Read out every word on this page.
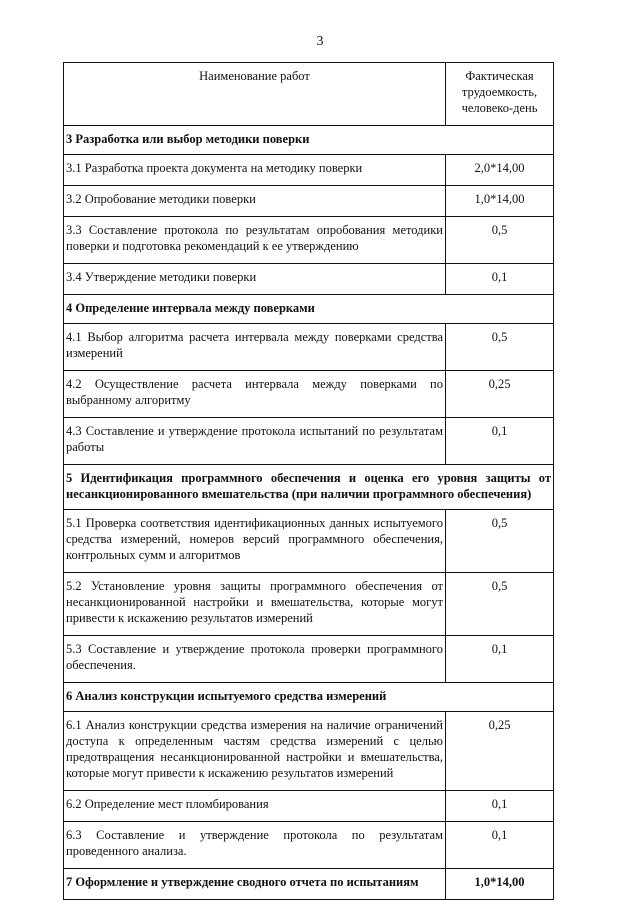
3
Наименование работ	Фактическая трудоемкость, человеко-день
3 Разработка или выбор методики поверки	
3.1 Разработка проекта документа на методику поверки	2,0*14,00
3.2 Опробование методики поверки	1,0*14,00
3.3 Составление протокола по результатам опробования методики поверки и подготовка рекомендаций к ее утверждению	0,5
3.4 Утверждение методики поверки	0,1
4 Определение интервала между поверками	
4.1 Выбор алгоритма расчета интервала между поверками средства измерений	0,5
4.2 Осуществление расчета интервала между поверками по выбранному алгоритму	0,25
4.3 Составление и утверждение протокола испытаний по результатам работы	0,1
5 Идентификация программного обеспечения и оценка его уровня защиты от несанкционированного вмешательства (при наличии программного обеспечения)	
5.1 Проверка соответствия идентификационных данных испытуемого средства измерений, номеров версий программного обеспечения, контрольных сумм и алгоритмов	0,5
5.2 Установление уровня защиты программного обеспечения от несанкционированной настройки и вмешательства, которые могут привести к искажению результатов измерений	0,5
5.3 Составление и утверждение протокола проверки программного обеспечения.	0,1
6 Анализ конструкции испытуемого средства измерений	
6.1 Анализ конструкции средства измерения на наличие ограничений доступа к определенным частям средства измерений с целью предотвращения несанкционированной настройки и вмешательства, которые могут привести к искажению результатов измерений	0,25
6.2 Определение мест пломбирования	0,1
6.3 Составление и утверждение протокола по результатам проведенного анализа.	0,1
7 Оформление и утверждение сводного отчета по испытаниям	1,0*14,00
